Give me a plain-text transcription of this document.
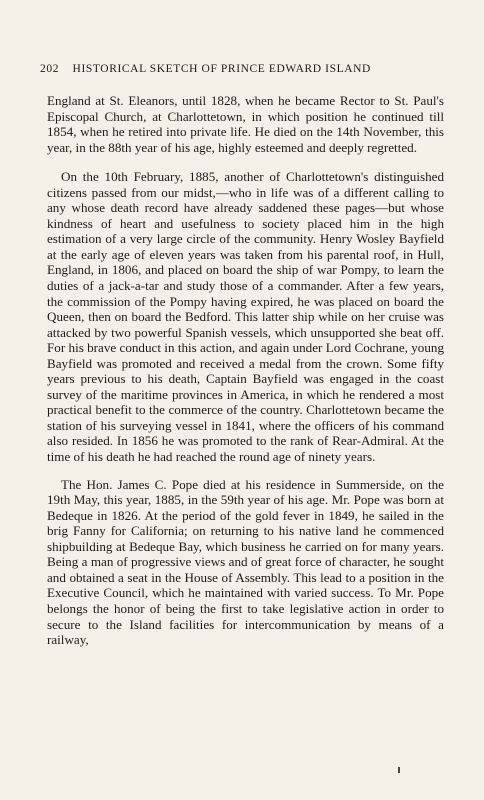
202 HISTORICAL SKETCH OF PRINCE EDWARD ISLAND

England at St. Eleanors, until 1828, when he became Rector to St. Paul's Episcopal Church, at Charlottetown, in which position he continued till 1854, when he retired into private life. He died on the 14th November, this year, in the 88th year of his age, highly esteemed and deeply regretted.

On the 10th February, 1885, another of Charlottetown's distinguished citizens passed from our midst,—who in life was of a different calling to any whose death record have already saddened these pages—but whose kindness of heart and usefulness to society placed him in the high estimation of a very large circle of the community. Henry Wosley Bayfield at the early age of eleven years was taken from his parental roof, in Hull, England, in 1806, and placed on board the ship of war Pompy, to learn the duties of a jack-a-tar and study those of a commander. After a few years, the commission of the Pompy having expired, he was placed on board the Queen, then on board the Bedford. This latter ship while on her cruise was attacked by two powerful Spanish vessels, which unsupported she beat off. For his brave conduct in this action, and again under Lord Cochrane, young Bayfield was promoted and received a medal from the crown. Some fifty years previous to his death, Captain Bayfield was engaged in the coast survey of the maritime provinces in America, in which he rendered a most practical benefit to the commerce of the country. Charlottetown became the station of his surveying vessel in 1841, where the officers of his command also resided. In 1856 he was promoted to the rank of Rear-Admiral. At the time of his death he had reached the round age of ninety years.

The Hon. James C. Pope died at his residence in Summerside, on the 19th May, this year, 1885, in the 59th year of his age. Mr. Pope was born at Bedeque in 1826. At the period of the gold fever in 1849, he sailed in the brig Fanny for California; on returning to his native land he commenced shipbuilding at Bedeque Bay, which business he carried on for many years. Being a man of progressive views and of great force of character, he sought and obtained a seat in the House of Assembly. This lead to a position in the Executive Council, which he maintained with varied success. To Mr. Pope belongs the honor of being the first to take legislative action in order to secure to the Island facilities for intercommunication by means of a railway,
